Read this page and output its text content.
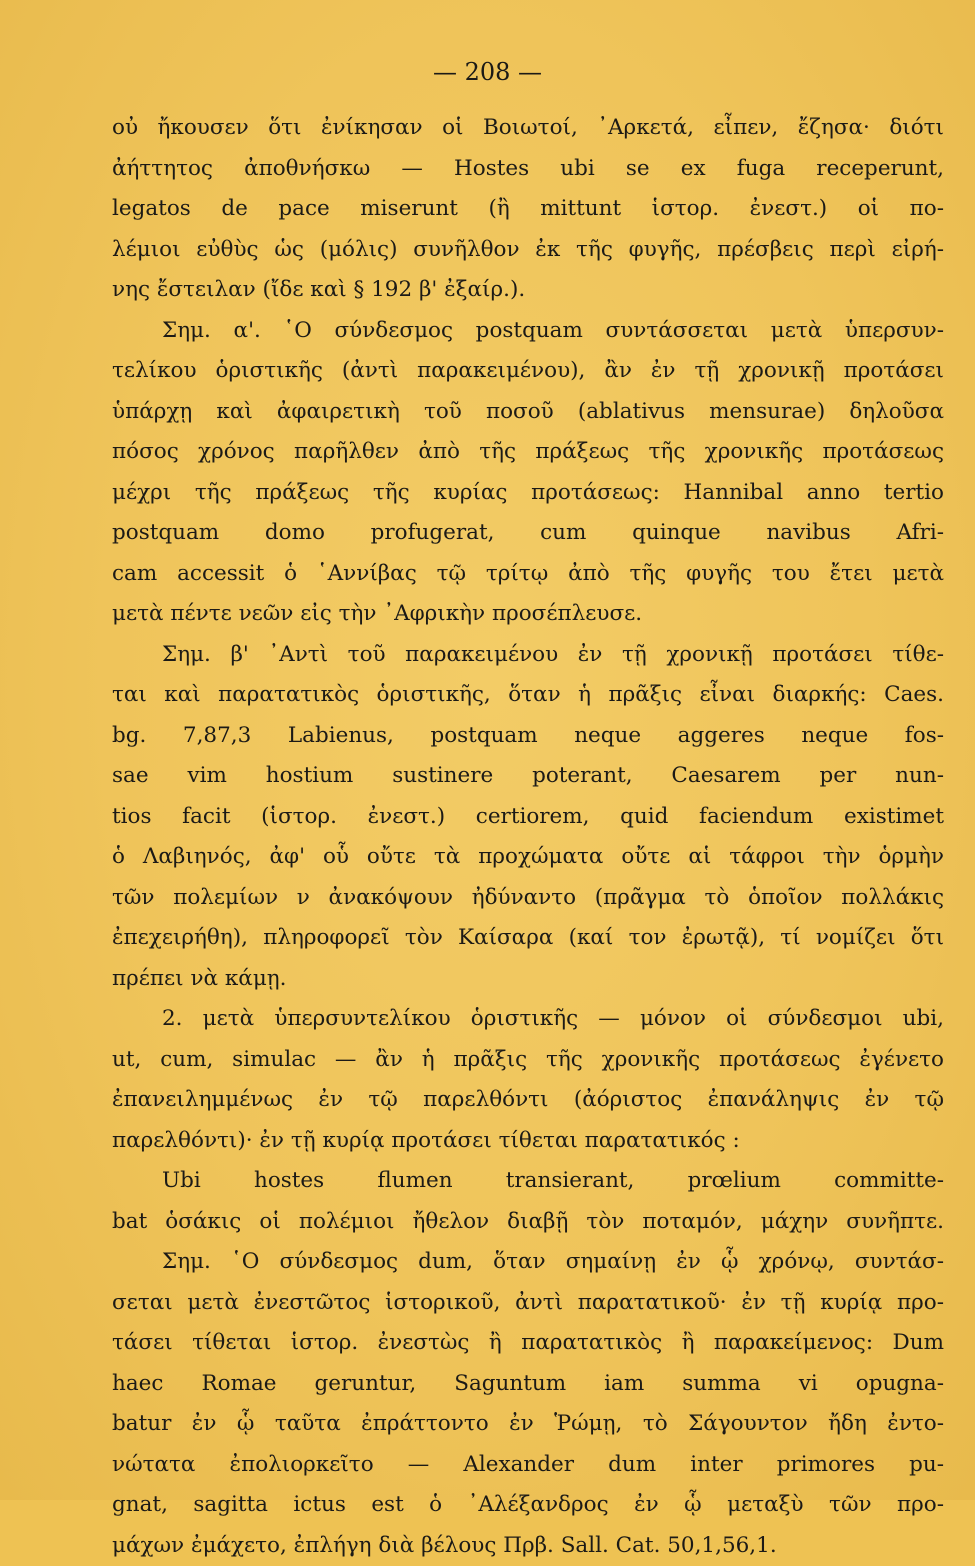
— 208 —
οὐ ἤκουσεν ὅτι ἐνίκησαν οἱ Βοιωτοί, ᾿Αρκετά, εἶπεν, ἔζησα· διότι
ἀήττητος ἀποθνήσκω — Hostes ubi se ex fuga receperunt,
legatos de pace miserunt (ἢ mittunt ἱστορ. ἐνεστ.) οἱ πο-
λέμιοι εὐθὺς ὡς (μόλις) συνῆλθον ἐκ τῆς φυγῆς, πρέσβεις περὶ εἰρή-
νης ἔστειλαν (ἴδε καὶ § 192 β' ἐξαίρ.).
Σημ. α'. ῾Ο σύνδεσμος postquam συντάσσεται μετὰ ὑπερσυν-
τελίκου ὁριστικῆς (ἀντὶ παρακειμένου), ἂν ἐν τῇ χρονικῇ προτάσει
ὑπάρχῃ καὶ ἀφαιρετικὴ τοῦ ποσοῦ (ablativus mensurae) δηλοῦσα
πόσος χρόνος παρῆλθεν ἀπὸ τῆς πράξεως τῆς χρονικῆς προτάσεως
μέχρι τῆς πράξεως τῆς κυρίας προτάσεως: Hannibal anno tertio
postquam domo profugerat, cum quinque navibus Afri-
cam accessit ὁ ῾Αννίβας τῷ τρίτῳ ἀπὸ τῆς φυγῆς του ἔτει μετὰ
μετὰ πέντε νεῶν εἰς τὴν ᾿Αφρικὴν προσέπλευσε.
Σημ. β' ᾿Αντὶ τοῦ παρακειμένου ἐν τῇ χρονικῇ προτάσει τίθε-
ται καὶ παρατατικὸς ὁριστικῆς, ὅταν ἡ πρᾶξις εἶναι διαρκής: Caes.
bg. 7,87,3 Labienus, postquam neque aggeres neque fos-
sae vim hostium sustinere poterant, Caesarem per nun-
tios facit (ἱστορ. ἐνεστ.) certiorem, quid faciendum existimet
ὁ Λαβιηνός, ἀφ' οὗ οὔτε τὰ προχώματα οὔτε αἱ τάφροι τὴν ὁρμὴν
τῶν πολεμίων ν ἀνακόψουν ἠδύναντο (πρᾶγμα τὸ ὁποῖον πολλάκις
ἐπεχειρήθη), πληροφορεῖ τὸν Καίσαρα (καί τον ἐρωτᾷ), τί νομίζει ὅτι
πρέπει νὰ κάμῃ.
2. μετὰ ὑπερσυντελίκου ὁριστικῆς — μόνον οἱ σύνδεσμοι ubi,
ut, cum, simulac — ἂν ἡ πρᾶξις τῆς χρονικῆς προτάσεως ἐγένετο
ἐπανειλημμένως ἐν τῷ παρελθόντι (ἀόριστος ἐπανάληψις ἐν τῷ
παρελθόντι)· ἐν τῇ κυρίᾳ προτάσει τίθεται παρατατικός :
Ubi hostes flumen transierant, prœlium committe-
bat ὁσάκις οἱ πολέμιοι ἤθελον διαβῇ τὸν ποταμόν, μάχην συνῆπτε.
Σημ. ῾Ο σύνδεσμος dum, ὅταν σημαίνῃ ἐν ᾧ χρόνῳ, συντάσ-
σεται μετὰ ἐνεστῶτος ἱστορικοῦ, ἀντὶ παρατατικοῦ· ἐν τῇ κυρίᾳ προ-
τάσει τίθεται ἱστορ. ἐνεστὼς ἢ παρατατικὸς ἢ παρακείμενος: Dum
haec Romae geruntur, Saguntum iam summa vi opugna-
batur ἐν ᾧ ταῦτα ἐπράττοντο ἐν Ῥώμῃ, τὸ Σάγουντον ἤδη ἐντο-
νώτατα ἐπολιορκεῖτο — Alexander dum inter primores pu-
gnat, sagitta ictus est ὁ ᾿Αλέξανδρος ἐν ᾧ μεταξὺ τῶν προ-
μάχων ἐμάχετο, ἐπλήγη διὰ βέλους Πρβ. Sall. Cat. 50,1,56,1.
